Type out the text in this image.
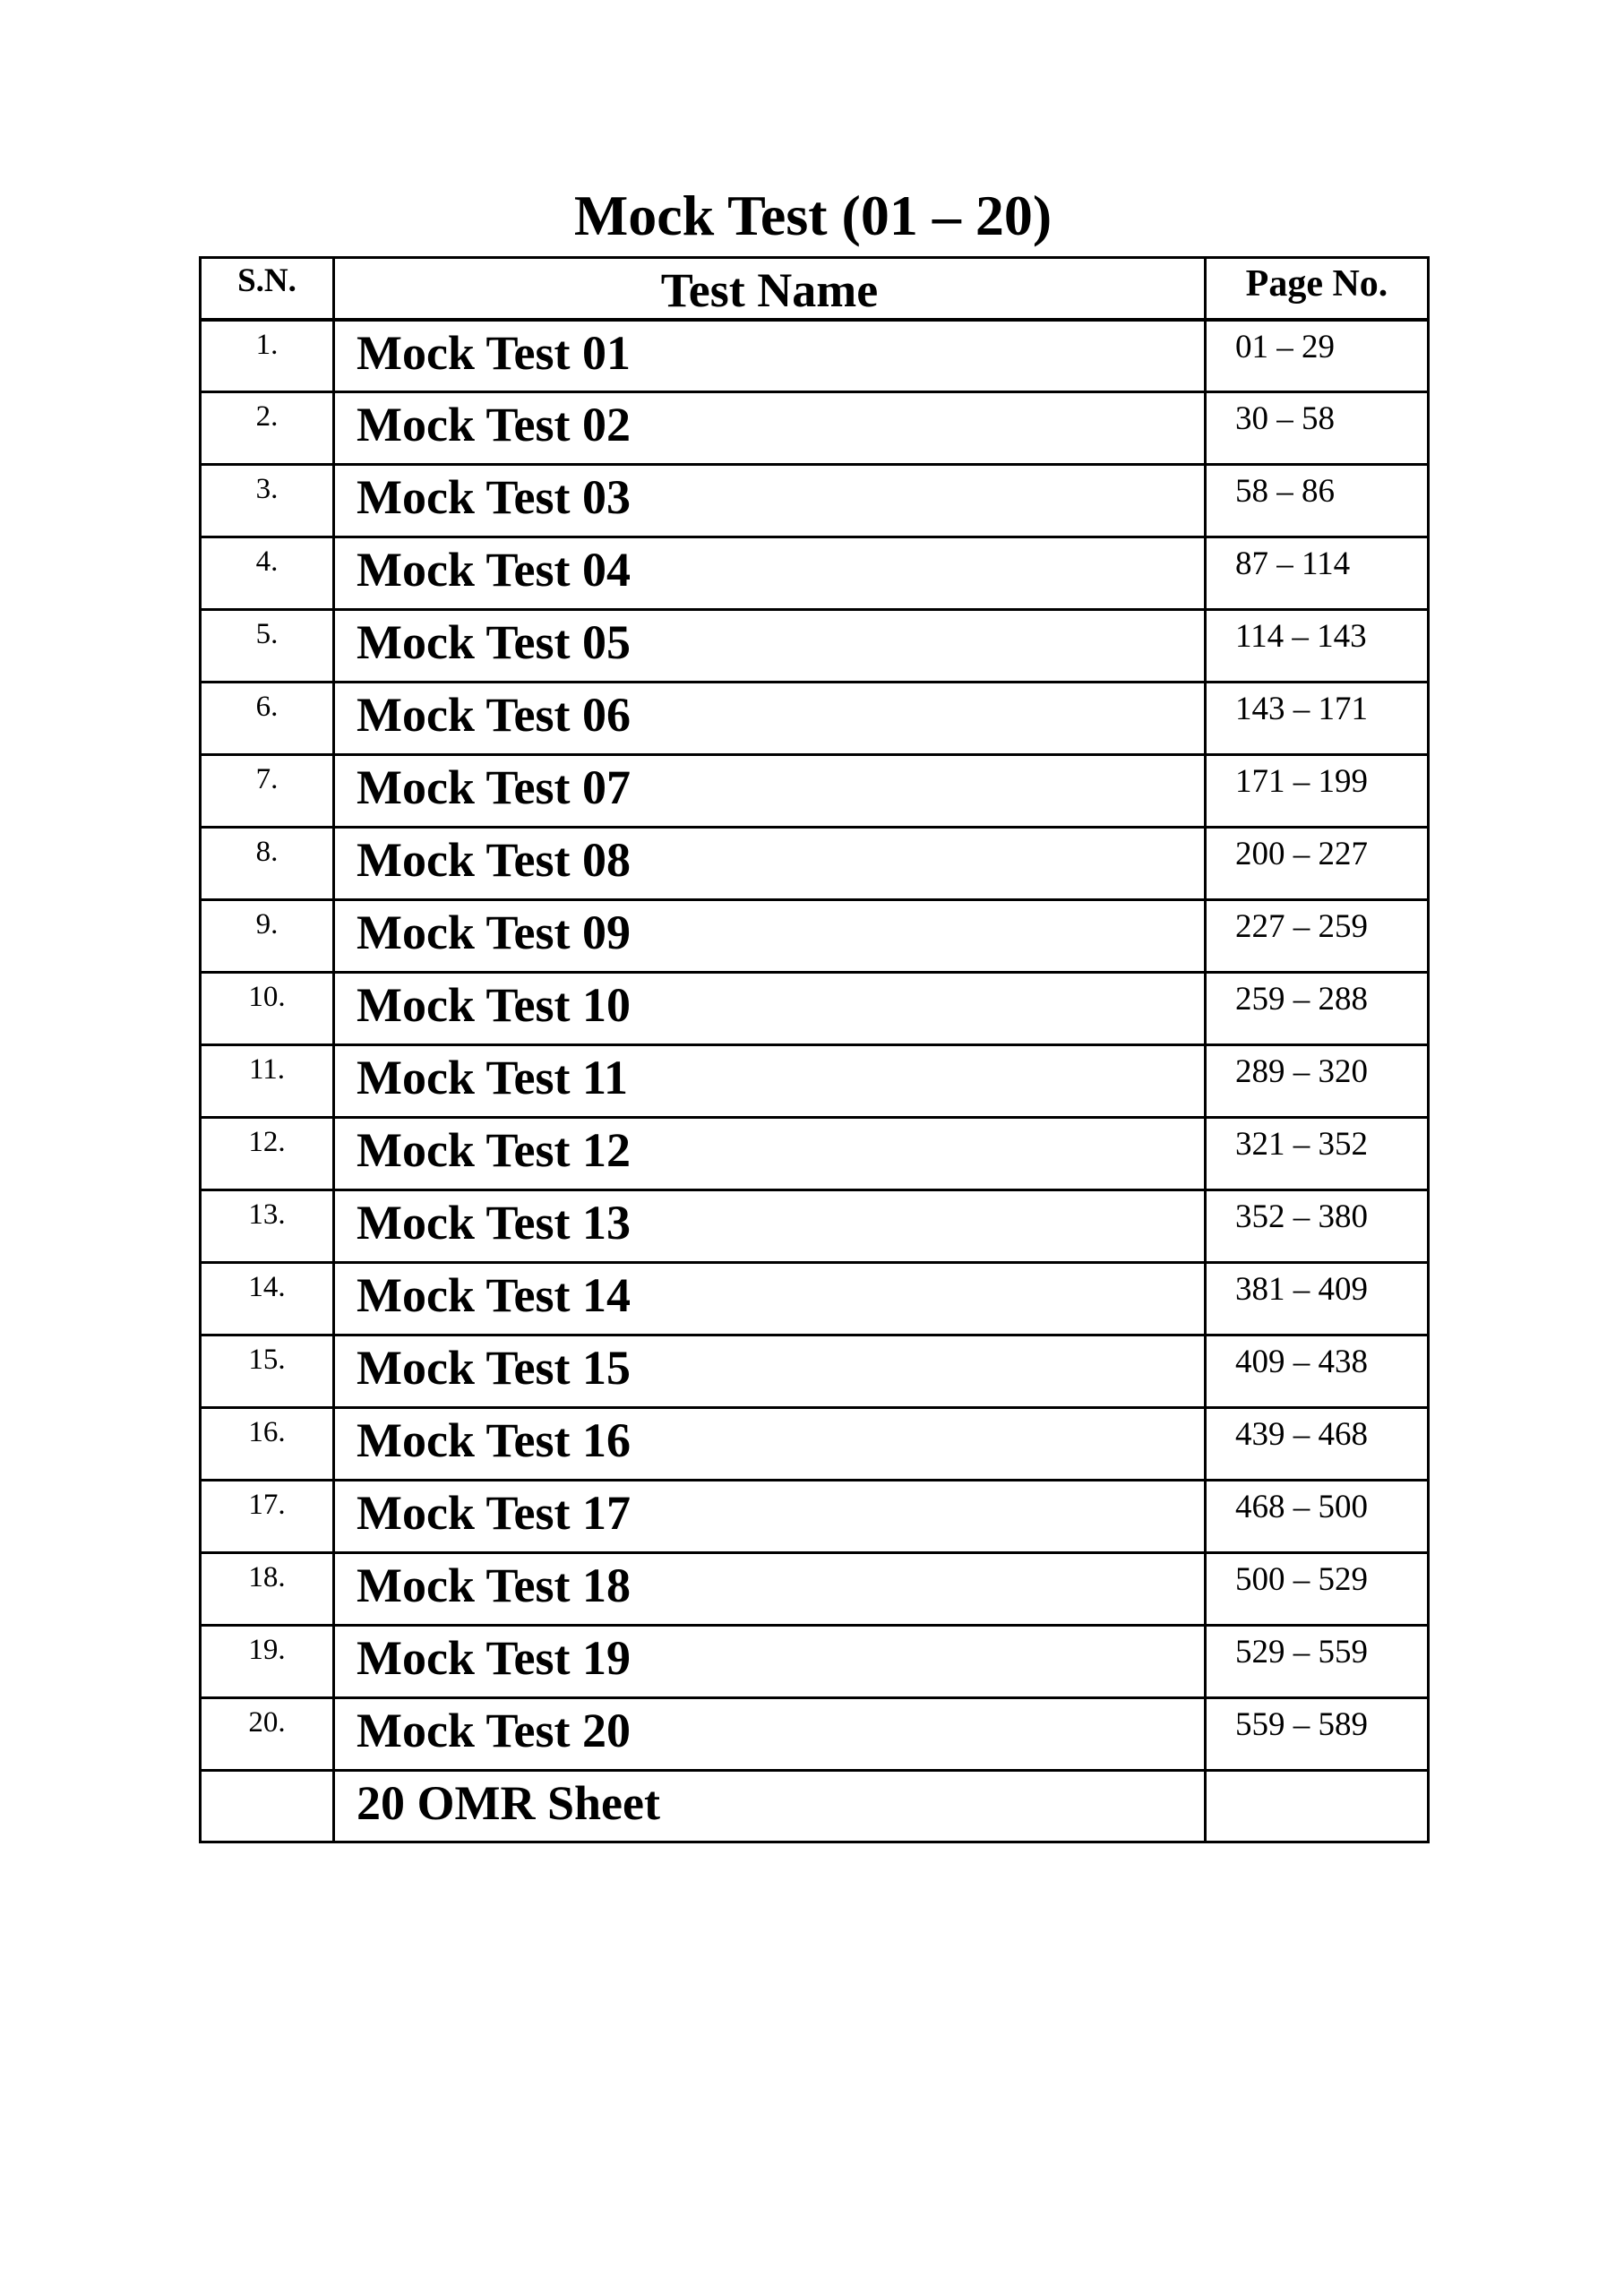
Mock Test (01 – 20)
S.N.	Test Name	Page No.
1.	Mock Test 01	01 – 29
2.	Mock Test 02	30 – 58
3.	Mock Test 03	58 – 86
4.	Mock Test 04	87 – 114
5.	Mock Test 05	114 – 143
6.	Mock Test 06	143 – 171
7.	Mock Test 07	171 – 199
8.	Mock Test 08	200 – 227
9.	Mock Test 09	227 – 259
10.	Mock Test 10	259 – 288
11.	Mock Test 11	289 – 320
12.	Mock Test 12	321 – 352
13.	Mock Test 13	352 – 380
14.	Mock Test 14	381 – 409
15.	Mock Test 15	409 – 438
16.	Mock Test 16	439 – 468
17.	Mock Test 17	468 – 500
18.	Mock Test 18	500 – 529
19.	Mock Test 19	529 – 559
20.	Mock Test 20	559 – 589
	20 OMR Sheet	
